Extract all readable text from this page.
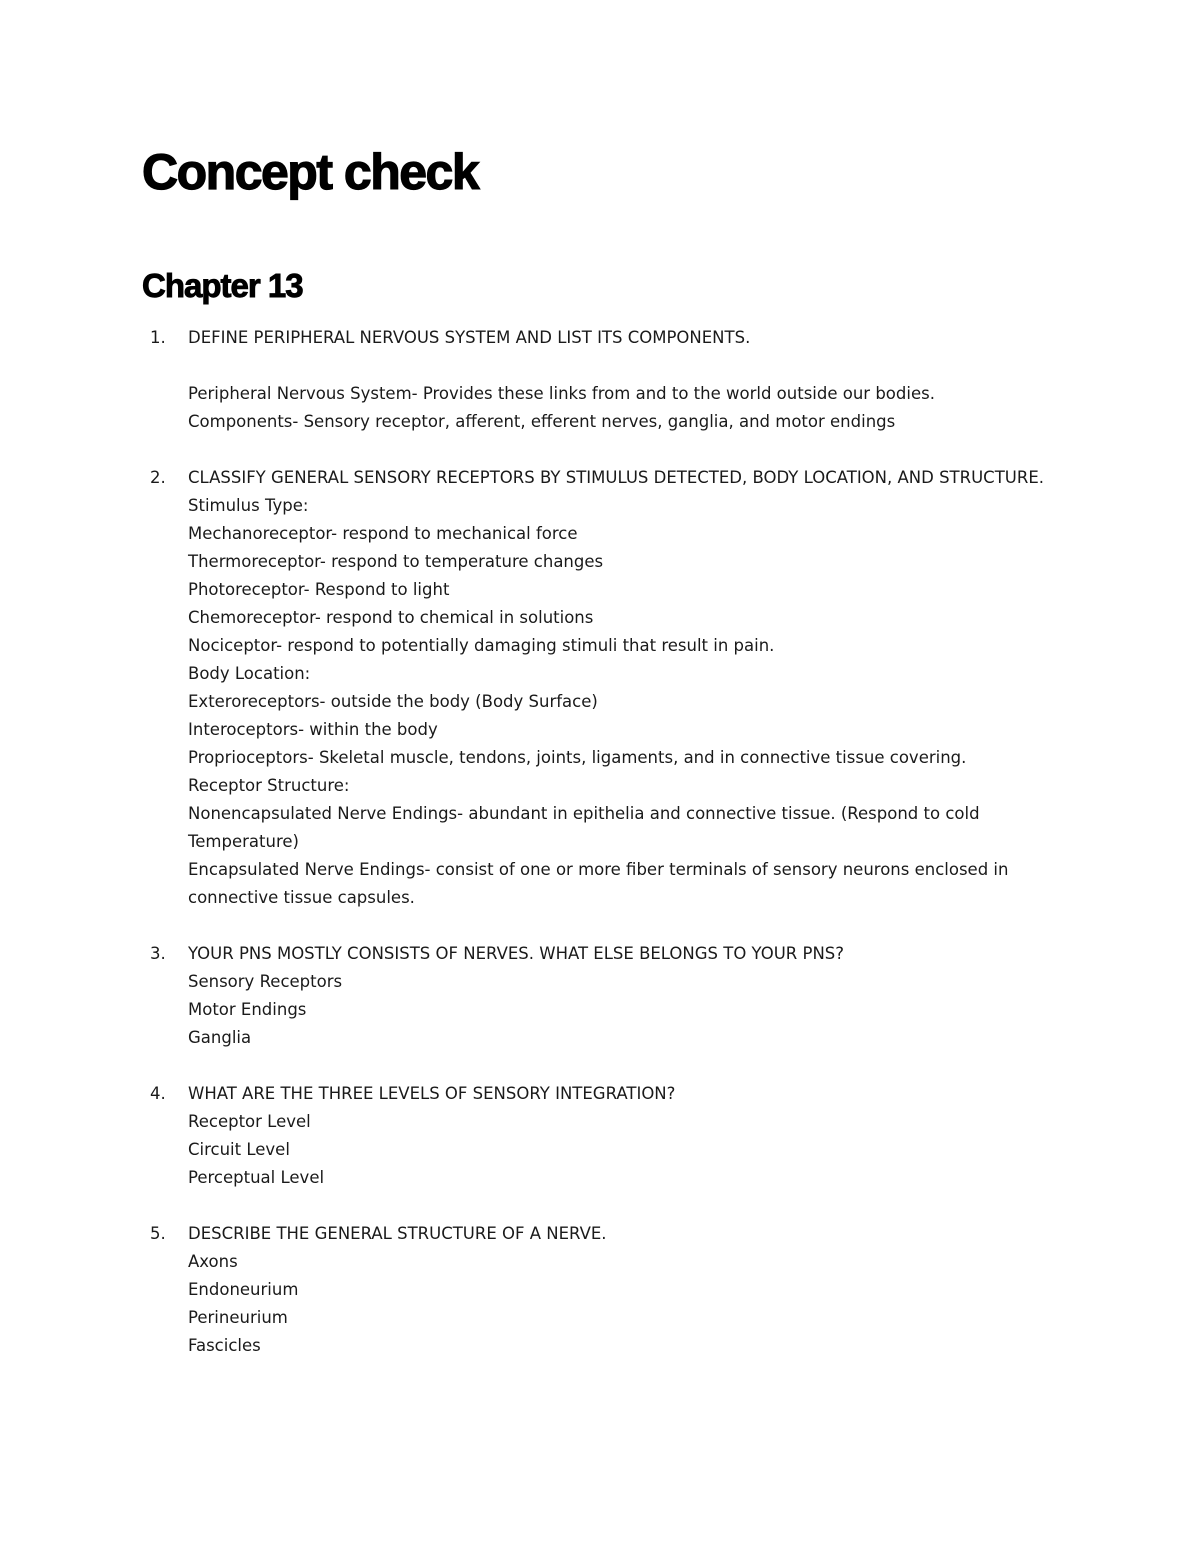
Concept check
Chapter 13
1.	DEFINE PERIPHERAL NERVOUS SYSTEM AND LIST ITS COMPONENTS.
Peripheral Nervous System- Provides these links from and to the world outside our bodies.
Components- Sensory receptor, afferent, efferent nerves, ganglia, and motor endings
2.	CLASSIFY GENERAL SENSORY RECEPTORS BY STIMULUS DETECTED, BODY LOCATION, AND STRUCTURE.
Stimulus Type:
Mechanoreceptor- respond to mechanical force
Thermoreceptor- respond to temperature changes
Photoreceptor- Respond to light
Chemoreceptor- respond to chemical in solutions
Nociceptor- respond to potentially damaging stimuli that result in pain.
Body Location:
Exteroreceptors- outside the body (Body Surface)
Interoceptors- within the body
Proprioceptors- Skeletal muscle, tendons, joints, ligaments, and in connective tissue covering.
Receptor Structure:
Nonencapsulated Nerve Endings- abundant in epithelia and connective tissue. (Respond to cold Temperature)
Encapsulated Nerve Endings- consist of one or more fiber terminals of sensory neurons enclosed in connective tissue capsules.
3.	YOUR PNS MOSTLY CONSISTS OF NERVES. WHAT ELSE BELONGS TO YOUR PNS?
Sensory Receptors
Motor Endings
Ganglia
4.	WHAT ARE THE THREE LEVELS OF SENSORY INTEGRATION?
Receptor Level
Circuit Level
Perceptual Level
5.	DESCRIBE THE GENERAL STRUCTURE OF A NERVE.
Axons
Endoneurium
Perineurium
Fascicles
